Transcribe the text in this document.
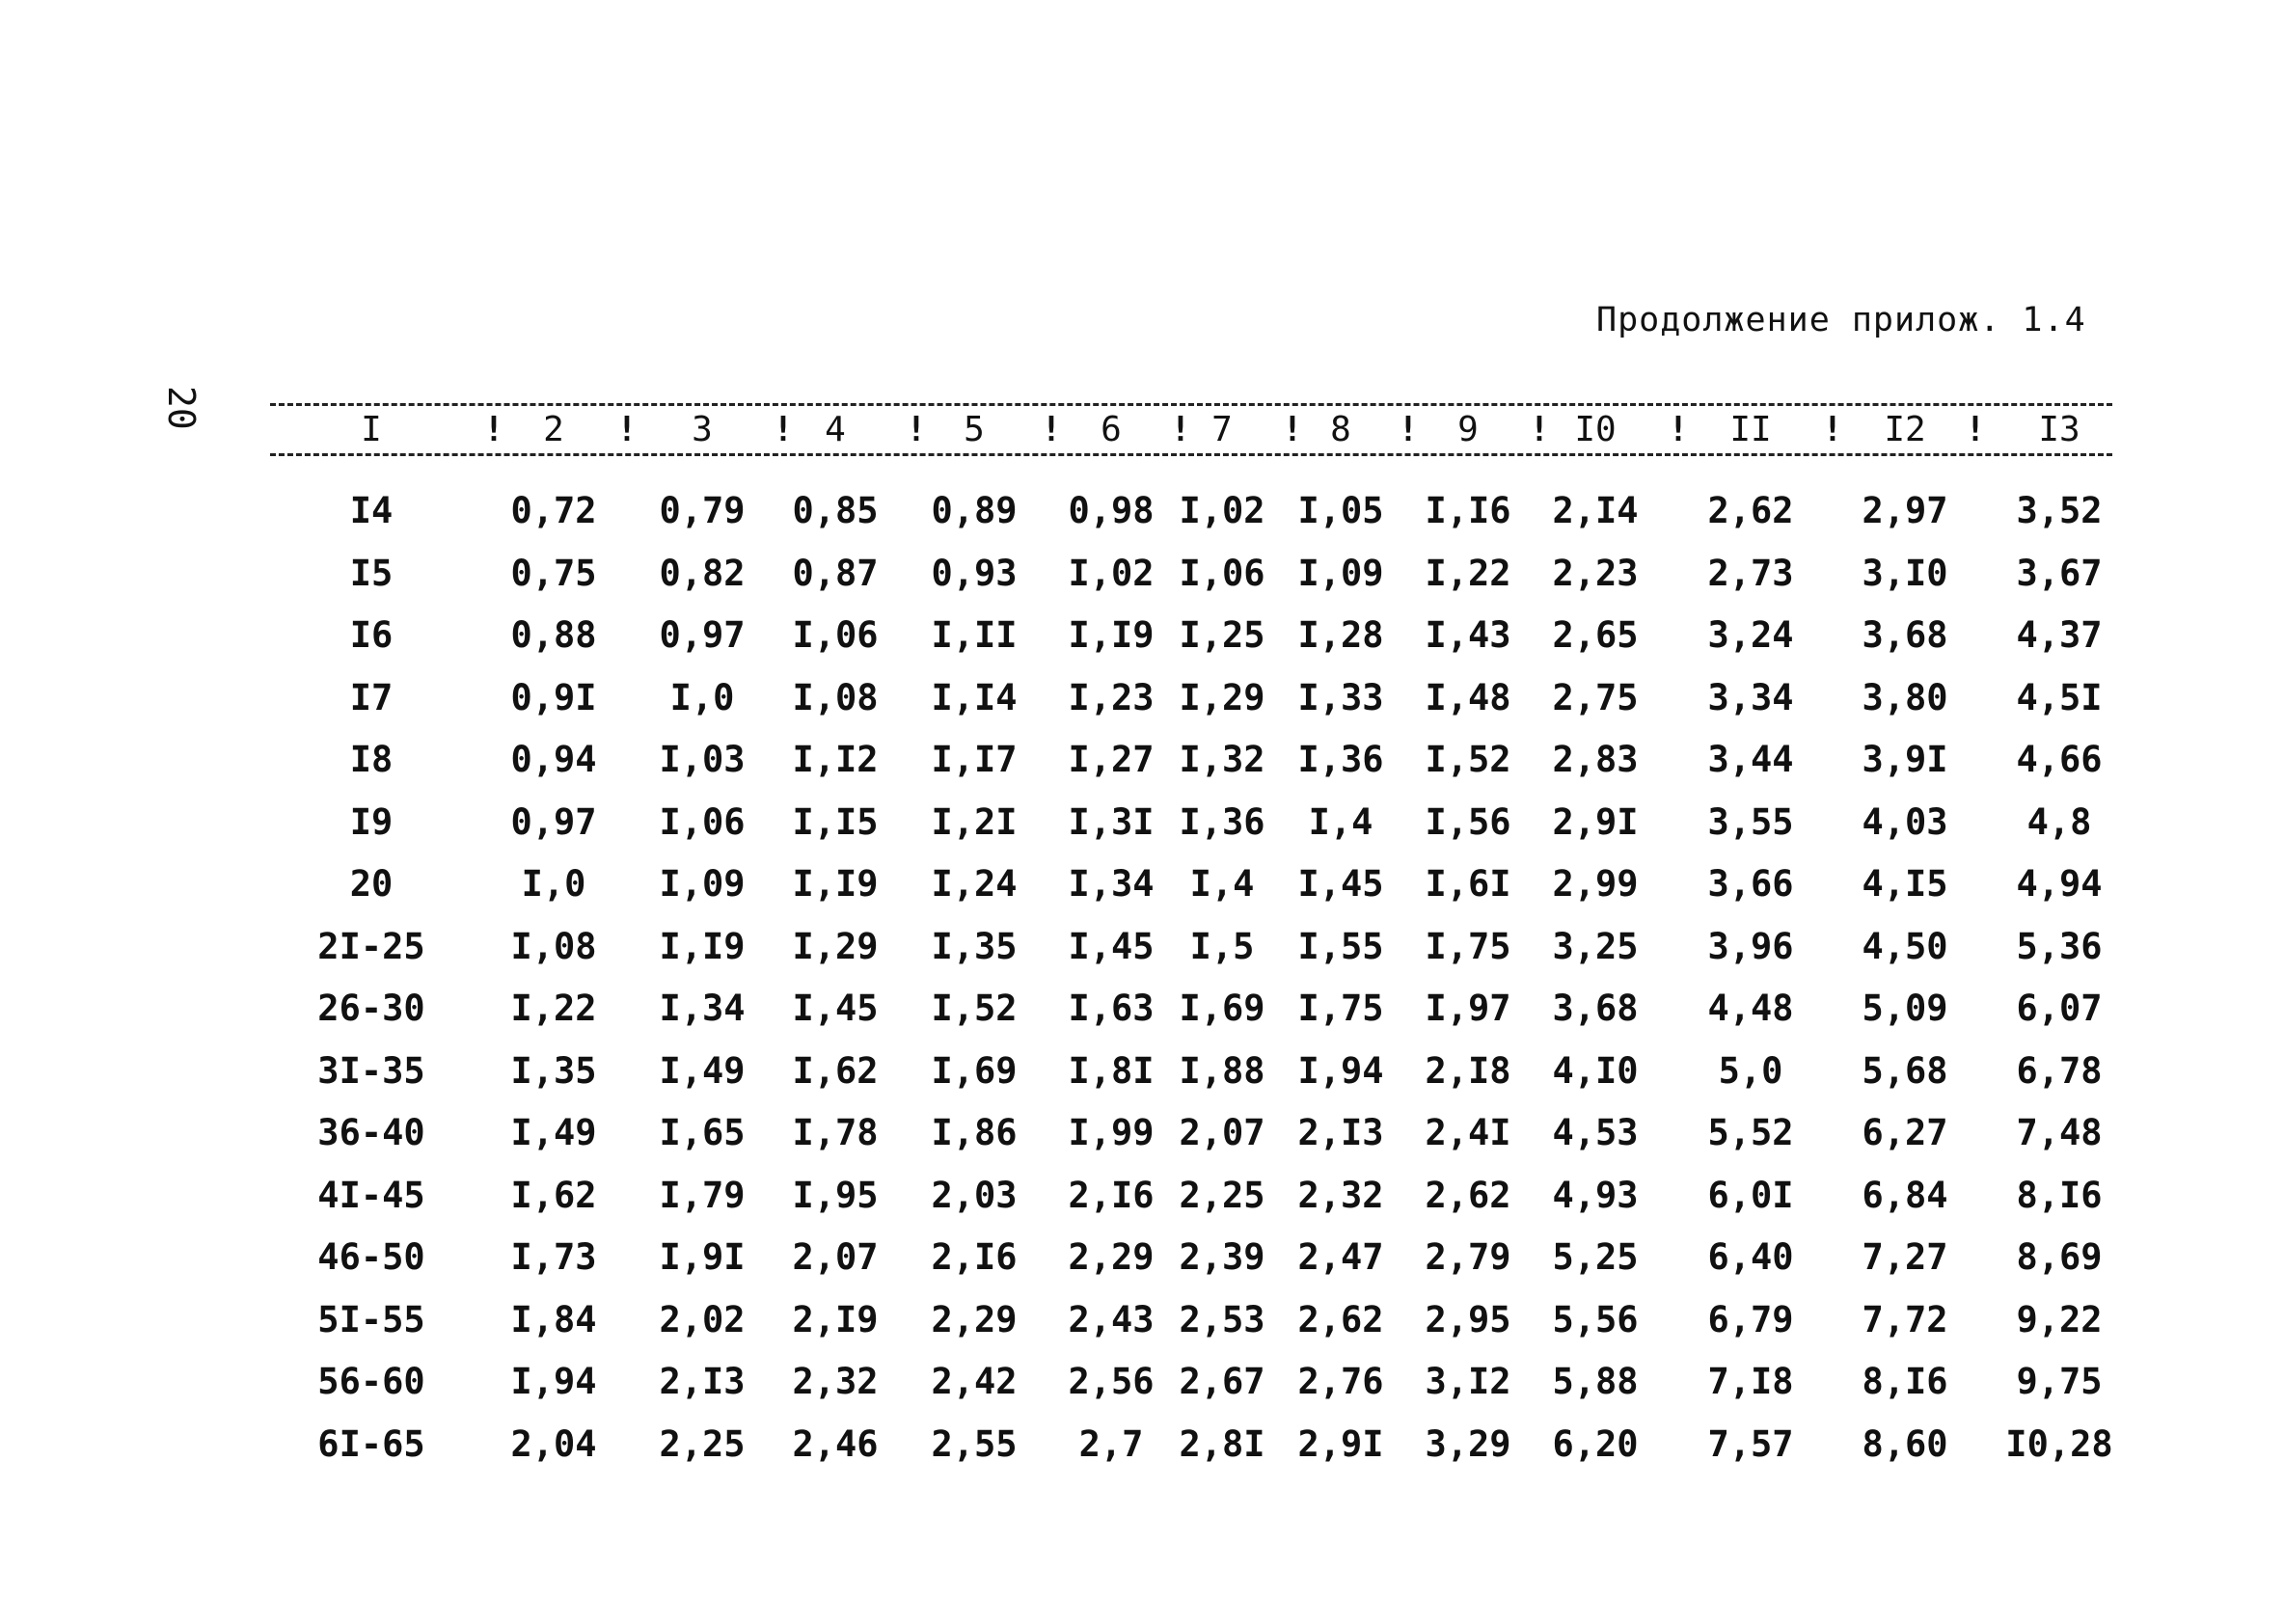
20
Продолжение прилож. 1.4
I	2	3	4	5	6	7	8	9	I0	II	I2	I3
!	!	!	!	!	!	!	!	!	!	!	!
I4	0,72 0,79 0,85 0,89 0,98 I,02 I,05 I,I6 2,I4 2,62 2,97 3,52
I5	0,75 0,82 0,87 0,93 I,02 I,06 I,09 I,22 2,23 2,73 3,I0 3,67
I6	0,88 0,97 I,06 I,II I,I9 I,25 I,28 I,43 2,65 3,24 3,68 4,37
I7	0,9I I,0 I,08 I,I4 I,23 I,29 I,33 I,48 2,75 3,34 3,80 4,5I
I8	0,94 I,03 I,I2 I,I7 I,27 I,32 I,36 I,52 2,83 3,44 3,9I 4,66
I9	0,97 I,06 I,I5 I,2I I,3I I,36 I,4 I,56 2,9I 3,55 4,03 4,8
20	I,0 I,09 I,I9 I,24 I,34 I,4 I,45 I,6I 2,99 3,66 4,I5 4,94
2I-25 I,08 I,I9 I,29 I,35 I,45 I,5 I,55 I,75 3,25 3,96 4,50 5,36
26-30 I,22 I,34 I,45 I,52 I,63 I,69 I,75 I,97 3,68 4,48 5,09 6,07
3I-35 I,35 I,49 I,62 I,69 I,8I I,88 I,94 2,I8 4,I0 5,0 5,68 6,78
36-40 I,49 I,65 I,78 I,86 I,99 2,07 2,I3 2,4I 4,53 5,52 6,27 7,48
4I-45 I,62 I,79 I,95 2,03 2,I6 2,25 2,32 2,62 4,93 6,0I 6,84 8,I6
46-50 I,73 I,9I 2,07 2,I6 2,29 2,39 2,47 2,79 5,25 6,40 7,27 8,69
5I-55 I,84 2,02 2,I9 2,29 2,43 2,53 2,62 2,95 5,56 6,79 7,72 9,22
56-60 I,94 2,I3 2,32 2,42 2,56 2,67 2,76 3,I2 5,88 7,I8 8,I6 9,75
6I-65 2,04 2,25 2,46 2,55 2,7 2,8I 2,9I 3,29 6,20 7,57 8,60 I0,28
